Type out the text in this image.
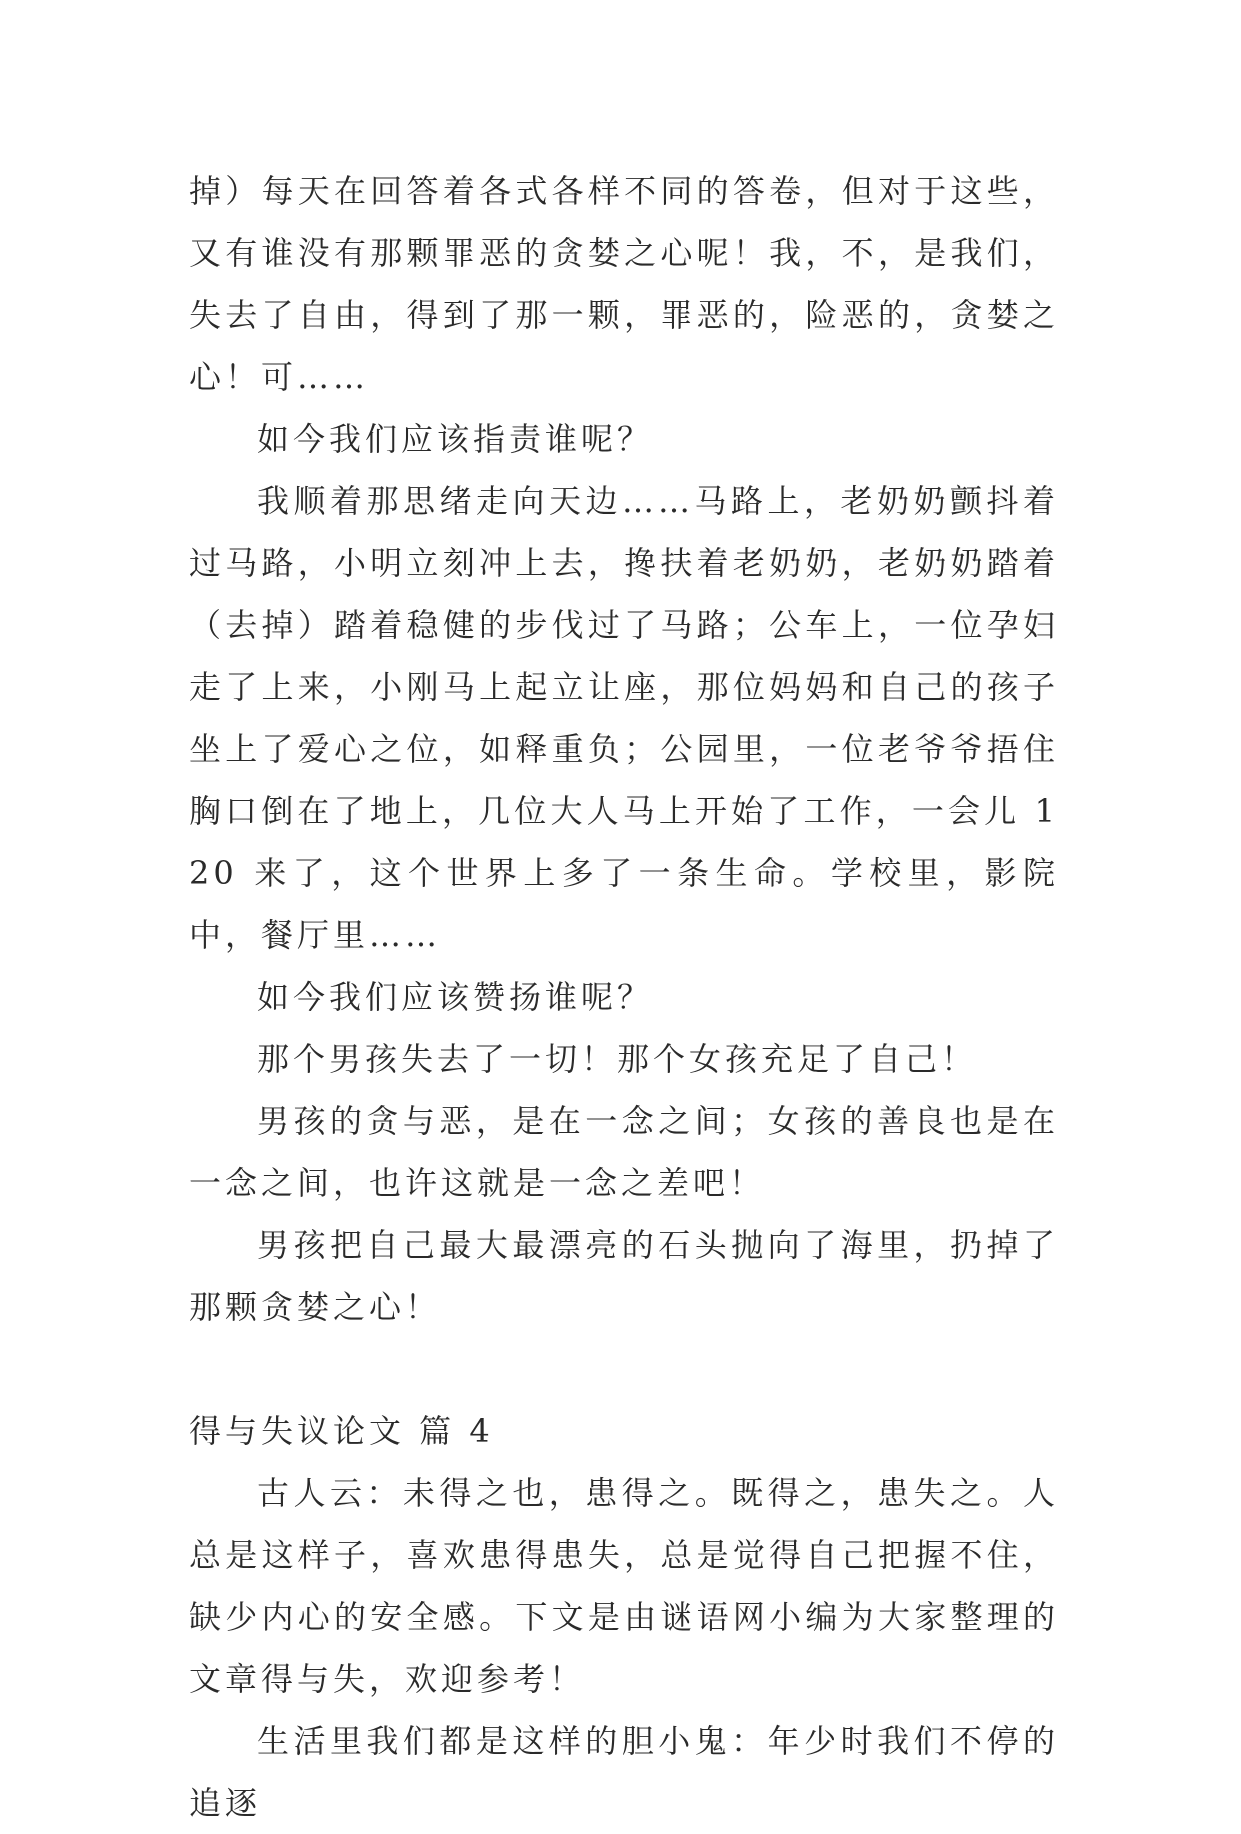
掉）每天在回答着各式各样不同的答卷，但对于这些，又有谁没有那颗罪恶的贪婪之心呢！我，不，是我们，失去了自由，得到了那一颗，罪恶的，险恶的，贪婪之心！可……

如今我们应该指责谁呢？

我顺着那思绪走向天边……马路上，老奶奶颤抖着过马路，小明立刻冲上去，搀扶着老奶奶，老奶奶踏着（去掉）踏着稳健的步伐过了马路；公车上，一位孕妇走了上来，小刚马上起立让座，那位妈妈和自己的孩子坐上了爱心之位，如释重负；公园里，一位老爷爷捂住胸口倒在了地上，几位大人马上开始了工作，一会儿 120 来了，这个世界上多了一条生命。学校里，影院中，餐厅里……

如今我们应该赞扬谁呢？

那个男孩失去了一切！那个女孩充足了自己！

男孩的贪与恶，是在一念之间；女孩的善良也是在一念之间，也许这就是一念之差吧！

男孩把自己最大最漂亮的石头抛向了海里，扔掉了那颗贪婪之心！

得与失议论文 篇 4

古人云：未得之也，患得之。既得之，患失之。人总是这样子，喜欢患得患失，总是觉得自己把握不住，缺少内心的安全感。下文是由谜语网小编为大家整理的文章得与失，欢迎参考！

生活里我们都是这样的胆小鬼：年少时我们不停的追逐
